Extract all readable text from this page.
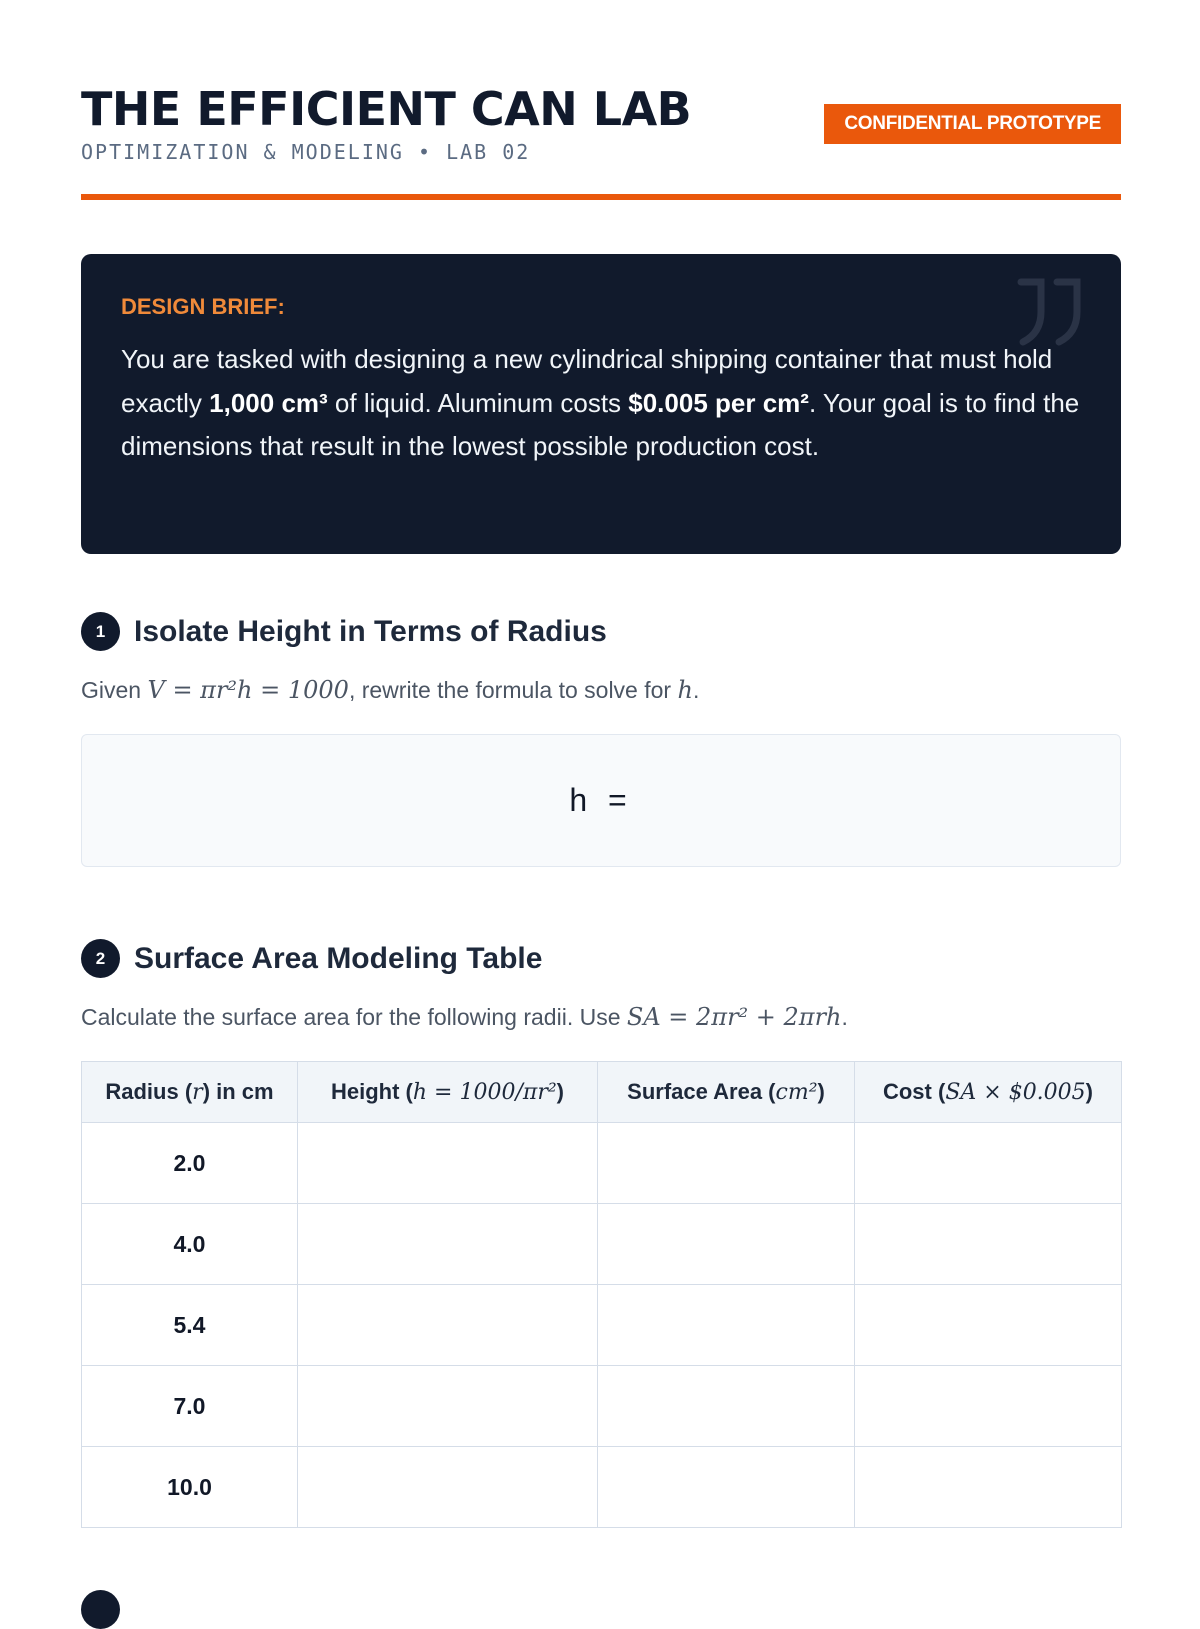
THE EFFICIENT CAN LAB
OPTIMIZATION & MODELING • LAB 02
CONFIDENTIAL PROTOTYPE
DESIGN BRIEF:
You are tasked with designing a new cylindrical shipping container that must hold exactly 1,000 cm³ of liquid. Aluminum costs $0.005 per cm². Your goal is to find the dimensions that result in the lowest possible production cost.
1 Isolate Height in Terms of Radius
Given V = πr²h = 1000, rewrite the formula to solve for h.
h =
2 Surface Area Modeling Table
Calculate the surface area for the following radii. Use SA = 2πr² + 2πrh.
Radius (r) in cm	Height (h = 1000/πr²)	Surface Area (cm²)	Cost (SA × $0.005)
2.0			
4.0			
5.4			
7.0			
10.0			
